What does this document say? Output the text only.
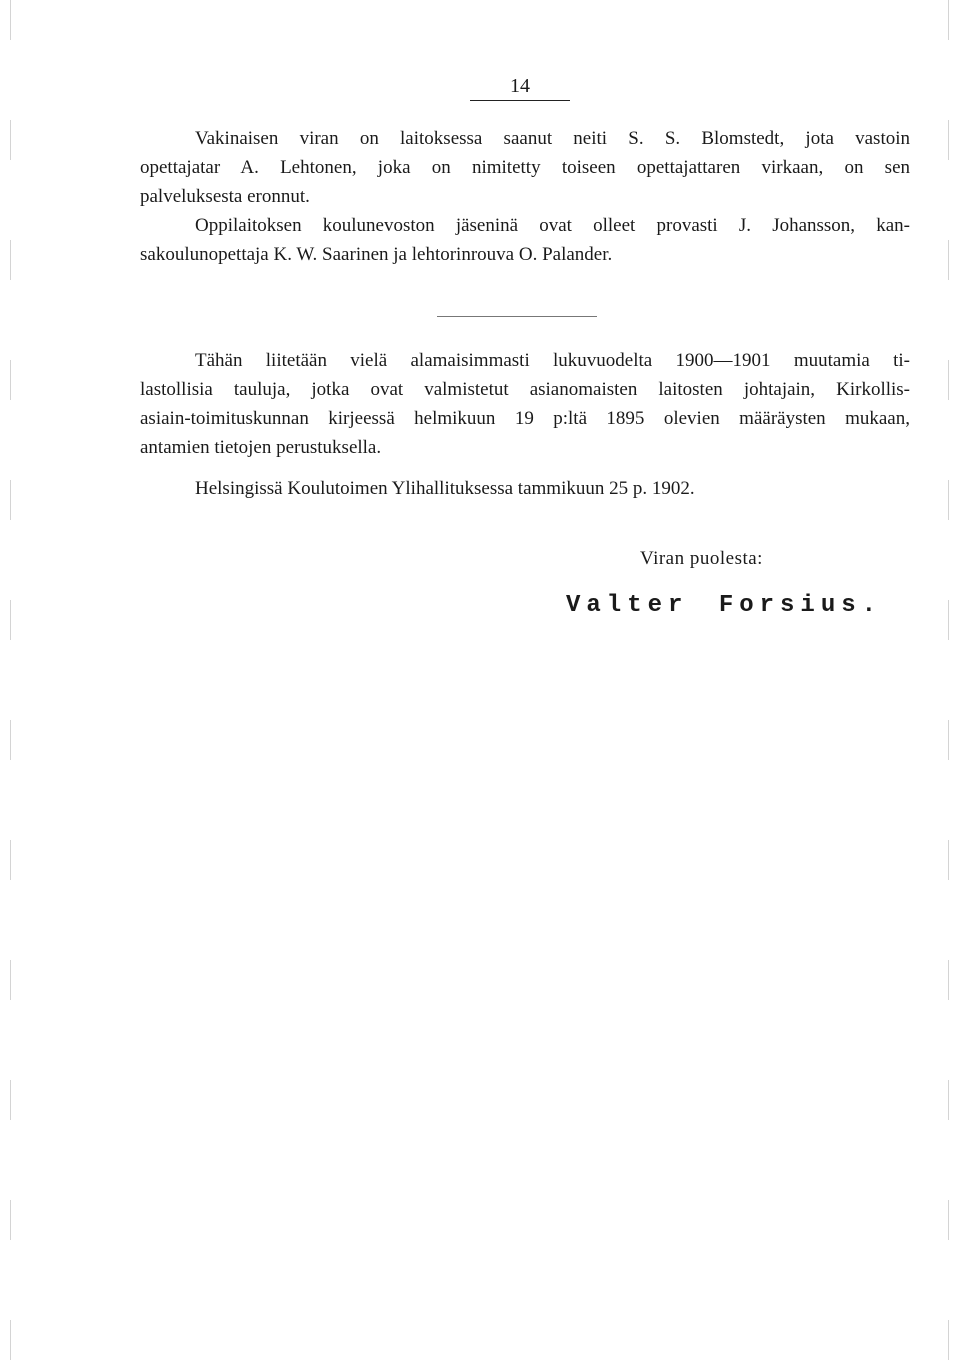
14
Vakinaisen viran on laitoksessa saanut neiti S. S. Blomstedt, jota vastoin
opettajatar A. Lehtonen, joka on nimitetty toiseen opettajattaren virkaan, on sen
palveluksesta eronnut.
Oppilaitoksen koulunevoston jäseninä ovat olleet provasti J. Johansson, kan-
sakoulunopettaja K. W. Saarinen ja lehtorinrouva O. Palander.
Tähän liitetään vielä alamaisimmasti lukuvuodelta 1900—1901 muutamia ti-
lastollisia tauluja, jotka ovat valmistetut asianomaisten laitosten johtajain, Kirkollis-
asiain-toimituskunnan kirjeessä helmikuun 19 p:ltä 1895 olevien määräysten mukaan,
antamien tietojen perustuksella.
Helsingissä Koulutoimen Ylihallituksessa tammikuun 25 p. 1902.
Viran puolesta:
Valter Forsius.
